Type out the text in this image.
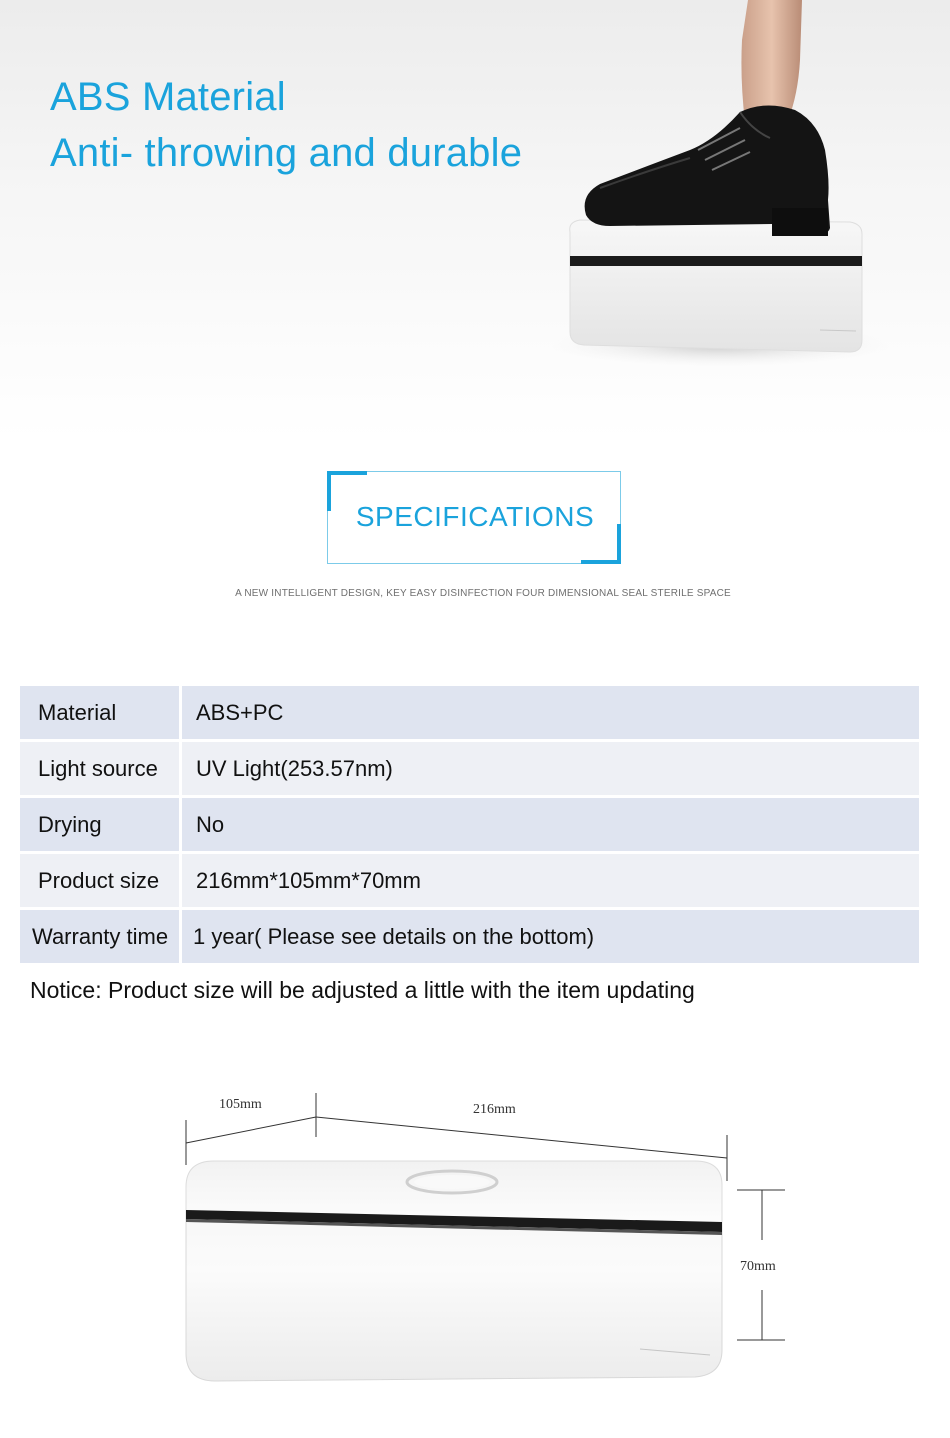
ABS Material
Anti- throwing and durable
SPECIFICATIONS
A NEW INTELLIGENT DESIGN, KEY EASY DISINFECTION FOUR DIMENSIONAL SEAL STERILE SPACE
Material	ABS+PC
Light source	UV Light(253.57nm)
Drying	No
Product size	216mm*105mm*70mm
Warranty time	1 year( Please see details on the bottom)
Notice: Product size will be adjusted a little with the item updating
105mm	216mm
70mm
